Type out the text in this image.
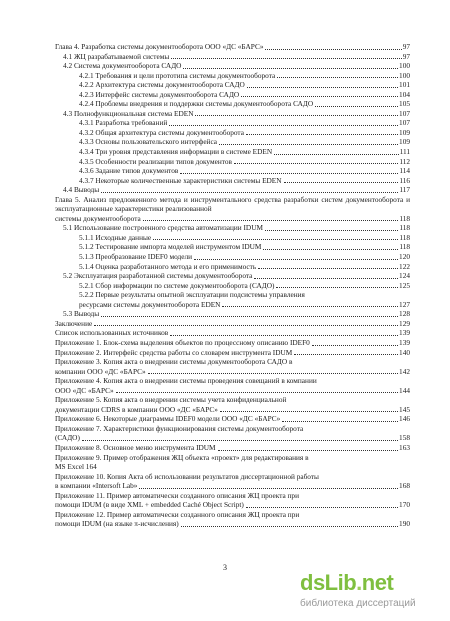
Глава 4. Разработка системы документооборота ООО «ДС «БАРС»	97
4.1 ЖЦ разрабатываемой системы	97
4.2 Система документооборота САДО	100
4.2.1 Требования и цели прототипа системы документооборота	100
4.2.2 Архитектура системы документооборота САДО	101
4.2.3 Интерфейс системы документооборота САДО	104
4.2.4 Проблемы внедрения и поддержки системы документооборота САДО	105
4.3 Полнофункциональная система EDEN	107
4.3.1 Разработка требований	107
4.3.2 Общая архитектура системы документооборота	109
4.3.3 Основы пользовательского интерфейса	109
4.3.4 Три уровня представления информации в системе EDEN	111
4.3.5 Особенности реализации типов документов	112
4.3.6 Задание типов документов	114
4.3.7 Некоторые количественные характеристики системы EDEN	116
4.4 Выводы	117
Глава 5. Анализ предложенного метода и инструментального средства разработки систем документооборота и эксплуатационные характеристики реализованной
системы документооборота	118
5.1 Использование построенного средства автоматизации IDUM	118
5.1.1 Исходные данные	118
5.1.2 Тестирование импорта моделей инструментом IDUM	118
5.1.3 Преобразование IDEF0 модели	120
5.1.4 Оценка разработанного метода и его применимость	122
5.2 Эксплуатация разработанной системы документооборота	124
5.2.1 Сбор информации по системе документооборота (САДО)	125
5.2.2 Первые результаты опытной эксплуатации подсистемы управления
ресурсами системы документооборота EDEN	127
5.3 Выводы	128
Заключение	129
Список использованных источников	139
Приложение 1. Блок-схема выделения объектов по процессному описанию IDEF0	139
Приложение 2. Интерфейс средства работы со словарем инструмента IDUM	140
Приложение 3. Копия акта о внедрении системы документооборота САДО в
компании ООО «ДС «БАРС»	142
Приложение 4. Копия акта о внедрении системы проведения совещаний в компании
ООО «ДС «БАРС»	144
Приложение 5. Копия акта о внедрении системы учета конфиденциальной
документации CDRS в компании ООО «ДС «БАРС»	145
Приложение 6. Некоторые диаграммы IDEF0 модели ООО «ДС «БАРС»	146
Приложение 7. Характеристики функционирования системы документооборота
(САДО)	158
Приложение 8. Основное меню инструмента IDUM	163
Приложение 9. Пример отображения ЖЦ объекта «проект» для редактирования в
MS Excel 164
Приложение 10. Копия Акта об использовании результатов диссертационной работы
в компании «Intersoft Lab»	168
Приложение 11. Пример автоматически созданного описания ЖЦ проекта при
помощи IDUM (в виде XML + embedded Caché Object Script)	170
Приложение 12. Пример автоматически созданного описания ЖЦ проекта при
помощи IDUM (на языке π-исчисления)	190
3
dsLib.net
библиотека диссертаций
